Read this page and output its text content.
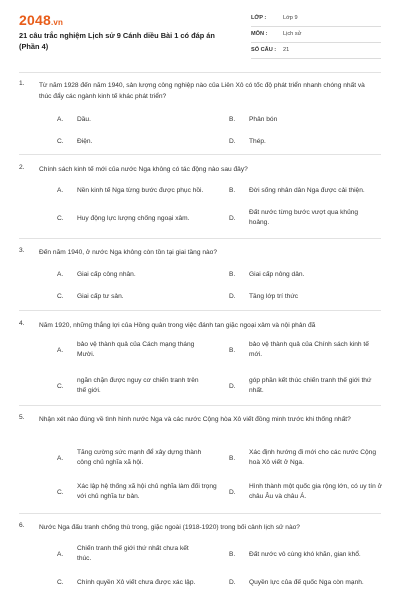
2048.vn
21 câu trắc nghiệm Lịch sử 9 Cánh diều Bài 1 có đáp án (Phần 4)
LỚP :	Lớp 9
MÔN :	Lịch sử
SỐ CÂU : 21
1. Từ năm 1928 đến năm 1940, sản lượng công nghiệp nào của Liên Xô có tốc độ phát triển nhanh chóng nhất và thúc đẩy các ngành kinh tế khác phát triển?
A. Dầu.	B. Phân bón
C. Điện.	D. Thép.
2. Chính sách kinh tế mới của nước Nga không có tác động nào sau đây?
A. Nền kinh tế Nga từng bước được phục hồi.	B. Đời sống nhân dân Nga được cải thiện.
C. Huy động lực lượng chống ngoại xâm.	D.
Đất nước từng bước vượt qua khủng hoảng.
3. Đến năm 1940, ở nước Nga không còn tồn tại giai tầng nào?
A. Giai cấp công nhân.	B. Giai cấp nông dân.
C. Giai cấp tư sản.	D. Tầng lớp trí thức
4. Năm 1920, những thắng lợi của Hồng quân trong việc đánh tan giặc ngoại xâm và nội phản đã
A.
bảo vệ thành quả của Cách mạng tháng Mười.
B.
bảo vệ thành quả của Chính sách kinh tế mới.
C.
ngăn chặn được nguy cơ chiến tranh trên thế giới.
D.
góp phần kết thúc chiến tranh thế giới thứ nhất.
5. Nhận xét nào đúng về tình hình nước Nga và các nước Cộng hòa Xô viết đồng minh trước khi thống nhất?
A.
Tăng cường sức mạnh để xây dựng thành công chủ nghĩa xã hội.
B.
Xác định hướng đi mới cho các nước Cộng hoà Xô viết ở Nga.
C.
Xác lập hệ thống xã hội chủ nghĩa làm đối trọng với chủ nghĩa tư bản.
D.
Hình thành một quốc gia rộng lớn, có uy tín ở châu Âu và châu Á.
6. Nước Nga đấu tranh chống thù trong, giặc ngoài (1918-1920) trong bối cảnh lịch sử nào?
A.
Chiến tranh thế giới thứ nhất chưa kết thúc.
B. Đất nước vô cùng khó khăn, gian khổ.
C. Chính quyền Xô viết chưa được xác lập.	D. Quyền lực của đế quốc Nga còn mạnh.
